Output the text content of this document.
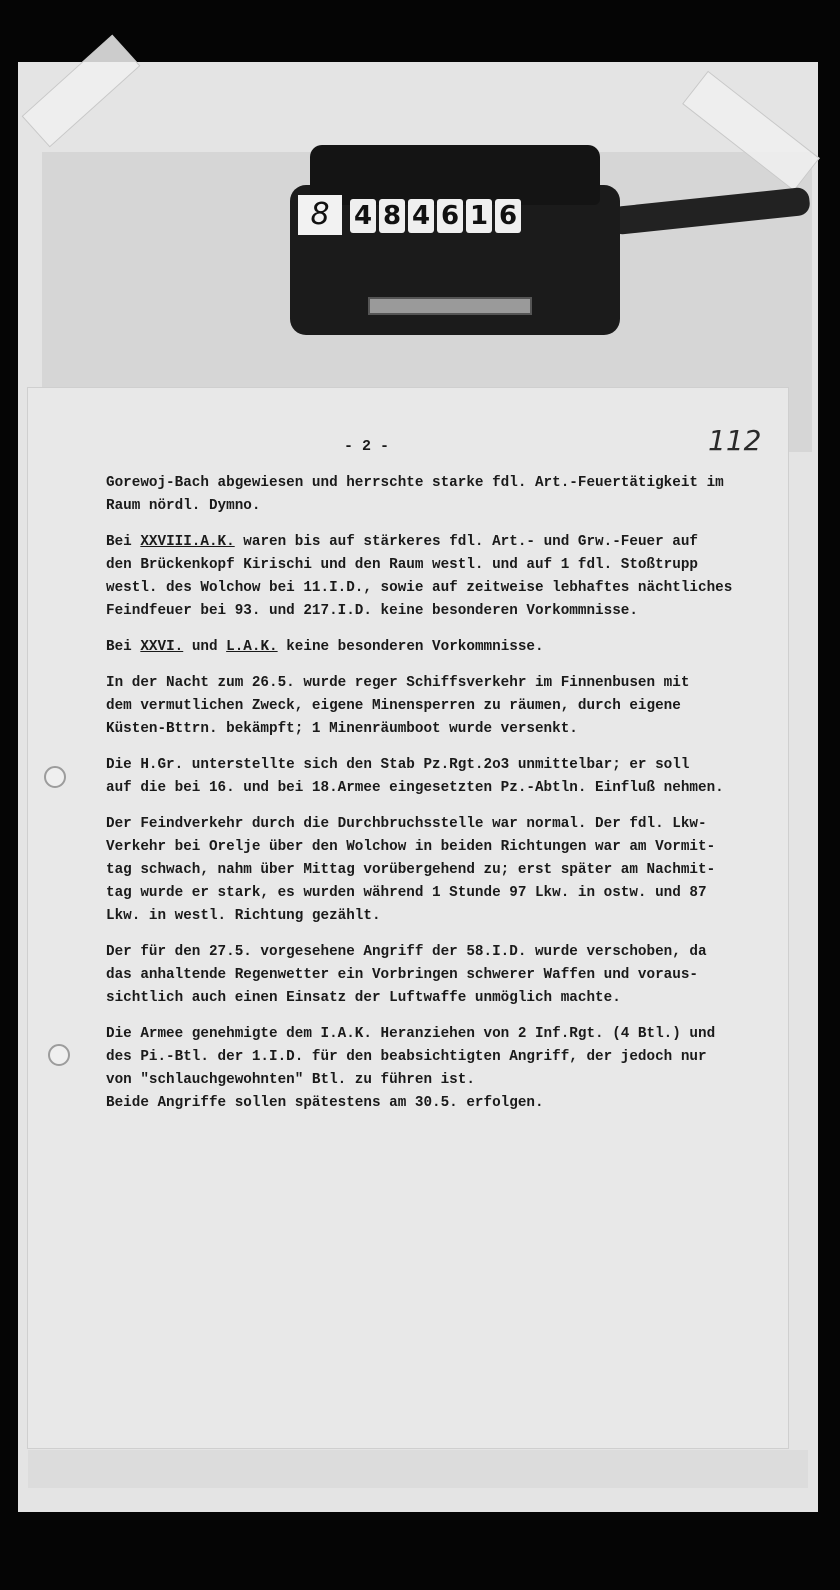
8 4 8 4 6 1 6
- 2 -	112
Gorewoj-Bach abgewiesen und herrschte starke fdl. Art.-Feuertätigkeit im
Raum nördl. Dymno.
Bei XXVIII.A.K. waren bis auf stärkeres fdl. Art.- und Grw.-Feuer auf
den Brückenkopf Kirischi und den Raum westl. und auf 1 fdl. Stoßtrupp
westl. des Wolchow bei 11.I.D., sowie auf zeitweise lebhaftes nächtliches
Feindfeuer bei 93. und 217.I.D. keine besonderen Vorkommnisse.
Bei XXVI. und L.A.K. keine besonderen Vorkommnisse.
In der Nacht zum 26.5. wurde reger Schiffsverkehr im Finnenbusen mit
dem vermutlichen Zweck, eigene Minensperren zu räumen, durch eigene
Küsten-Bttrn. bekämpft; 1 Minenräumboot wurde versenkt.
Die H.Gr. unterstellte sich den Stab Pz.Rgt.2o3 unmittelbar; er soll
auf die bei 16. und bei 18.Armee eingesetzten Pz.-Abtln. Einfluß nehmen.
Der Feindverkehr durch die Durchbruchsstelle war normal. Der fdl. Lkw-
Verkehr bei Orelje über den Wolchow in beiden Richtungen war am Vormit-
tag schwach, nahm über Mittag vorübergehend zu; erst später am Nachmit-
tag wurde er stark, es wurden während 1 Stunde 97 Lkw. in ostw. und 87
Lkw. in westl. Richtung gezählt.
Der für den 27.5. vorgesehene Angriff der 58.I.D. wurde verschoben, da
das anhaltende Regenwetter ein Vorbringen schwerer Waffen und voraus-
sichtlich auch einen Einsatz der Luftwaffe unmöglich machte.
Die Armee genehmigte dem I.A.K. Heranziehen von 2 Inf.Rgt. (4 Btl.) und
des Pi.-Btl. der 1.I.D. für den beabsichtigten Angriff, der jedoch nur
von "schlauchgewohnten" Btl. zu führen ist.
Beide Angriffe sollen spätestens am 30.5. erfolgen.
